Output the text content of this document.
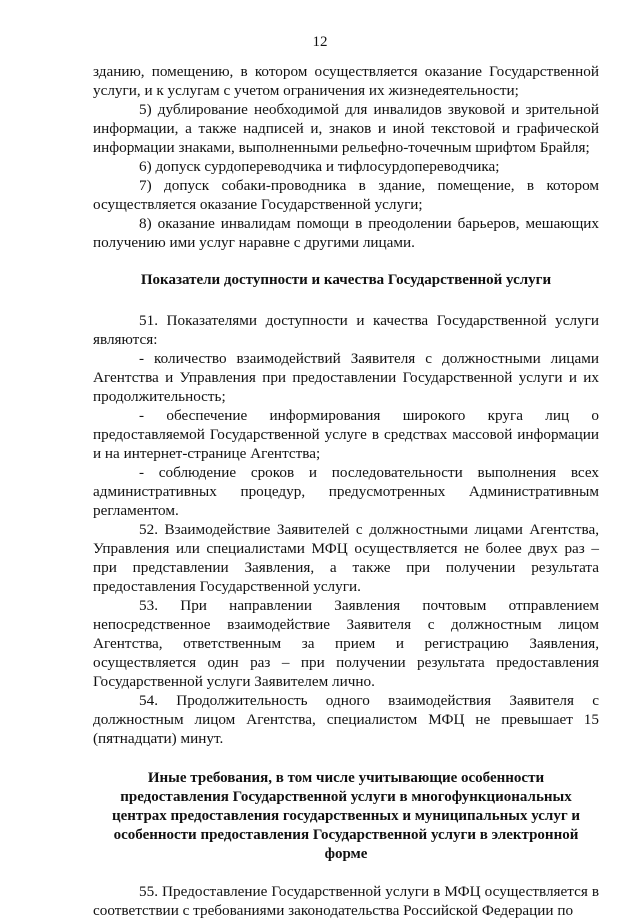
12

зданию, помещению, в котором осуществляется оказание Государственной услуги, и к услугам с учетом ограничения их жизнедеятельности;

5) дублирование необходимой для инвалидов звуковой и зрительной информации, а также надписей и, знаков и иной текстовой и графической информации знаками, выполненными рельефно-точечным шрифтом Брайля;

6) допуск сурдопереводчика и тифлосурдопереводчика;

7) допуск собаки-проводника в здание, помещение, в котором осуществляется оказание Государственной услуги;

8) оказание инвалидам помощи в преодолении барьеров, мешающих получению ими услуг наравне с другими лицами.

Показатели доступности и качества Государственной услуги

51. Показателями доступности и качества Государственной услуги являются:

- количество взаимодействий Заявителя с должностными лицами Агентства и Управления при предоставлении Государственной услуги и их продолжительность;

- обеспечение информирования широкого круга лиц о предоставляемой Государственной услуге в средствах массовой информации и на интернет-странице Агентства;

- соблюдение сроков и последовательности выполнения всех административных процедур, предусмотренных Административным регламентом.

52. Взаимодействие Заявителей с должностными лицами Агентства, Управления или специалистами МФЦ осуществляется не более двух раз – при представлении Заявления, а также при получении результата предоставления Государственной услуги.

53. При направлении Заявления почтовым отправлением непосредственное взаимодействие Заявителя с должностным лицом Агентства, ответственным за прием и регистрацию Заявления, осуществляется один раз – при получении результата предоставления Государственной услуги Заявителем лично.

54. Продолжительность одного взаимодействия Заявителя с должностным лицом Агентства, специалистом МФЦ не превышает 15 (пятнадцати) минут.

Иные требования, в том числе учитывающие особенности предоставления Государственной услуги в многофункциональных центрах предоставления государственных и муниципальных услуг и особенности предоставления Государственной услуги в электронной форме

55. Предоставление Государственной услуги в МФЦ осуществляется в соответствии с требованиями законодательства Российской Федерации по
